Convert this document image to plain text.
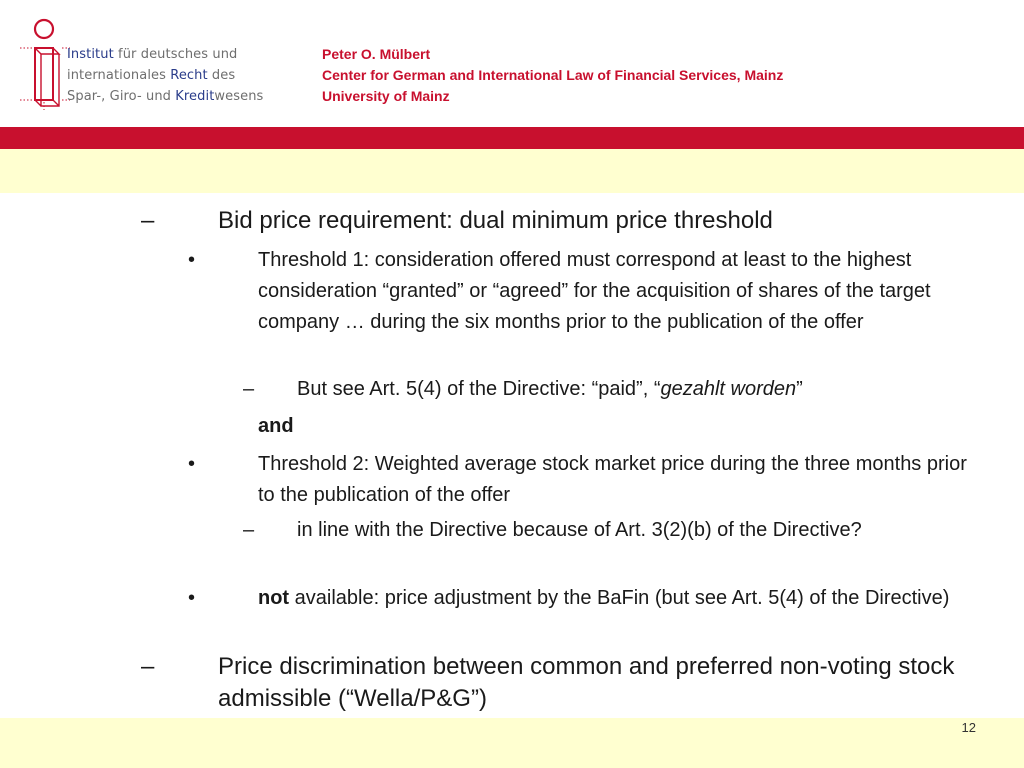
Institut für deutsches und
internationales Recht des
Spar-, Giro- und Kreditwesens
Peter O. Mülbert
Center for German and International Law of Financial Services, Mainz
University of Mainz
–	Bid price requirement: dual minimum price threshold
•	Threshold 1: consideration offered must correspond at least to the highest consideration “granted” or “agreed” for the acquisition of shares of the target company … during the six months prior to the publication of the offer
– But see Art. 5(4) of the Directive: “paid”, “gezahlt worden”
and
•	Threshold 2: Weighted average stock market price during the three months prior to the publication of the offer
– in line with the Directive because of Art. 3(2)(b) of the Directive?
•	not available: price adjustment by the BaFin (but see Art. 5(4) of the Directive)
–	Price discrimination between common and preferred non-voting stock admissible (“Wella/P&G”)
12
